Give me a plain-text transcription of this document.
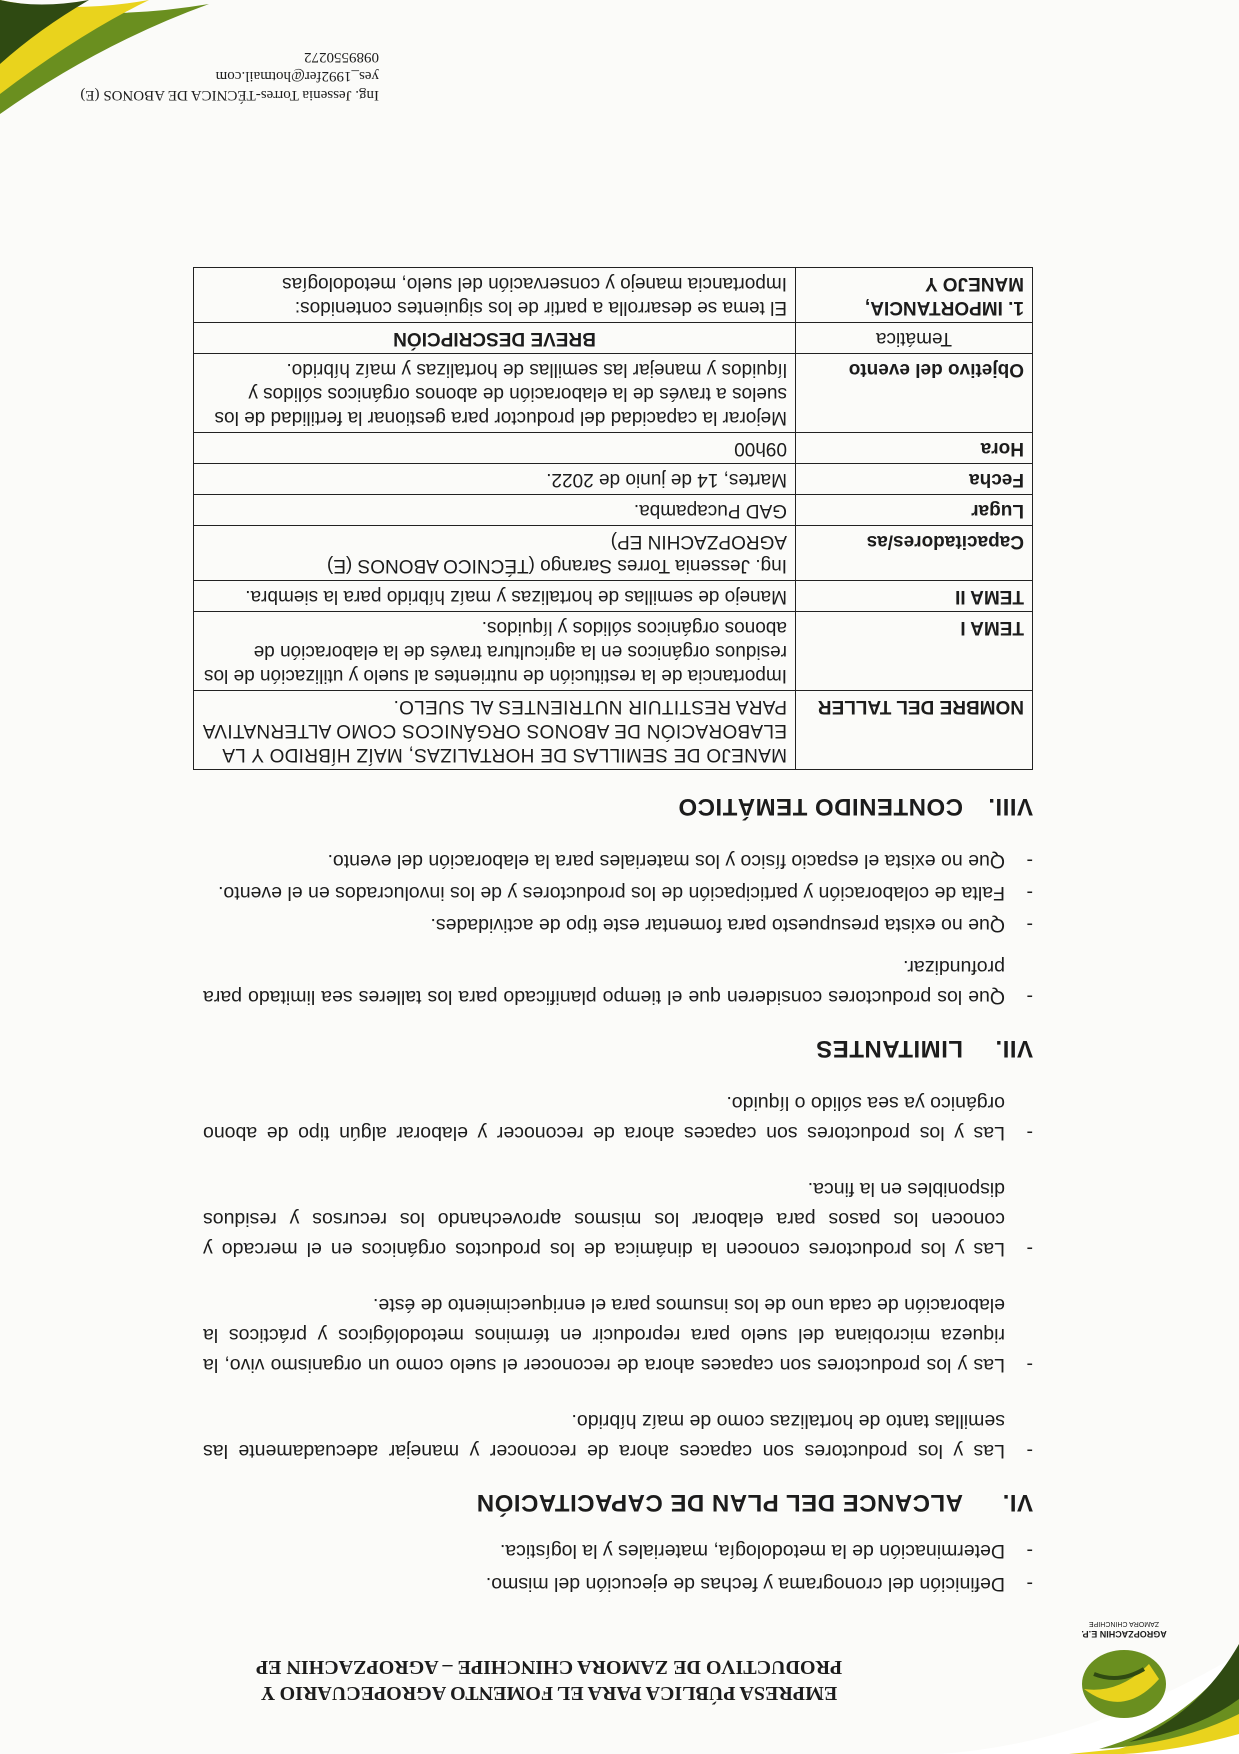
AGROPZACHIN E.P.
ZAMORA CHINCHIPE
EMPRESA PÚBLICA PARA EL FOMENTO AGROPECUARIO Y
PRODUCTIVO DE ZAMORA CHINCHIPE – AGROPZACHIN EP
- Definición del cronograma y fechas de ejecución del mismo.
- Determinación de la metodología, materiales y la logística.
VI.ALCANCE DEL PLAN DE CAPACITACIÓN
- Las y los productores son capaces ahora de reconocer y manejar adecuadamente las semillas tanto de hortalizas como de maíz híbrido.
- Las y los productores son capaces ahora de reconocer el suelo como un organismo vivo, la riqueza microbiana del suelo para reproducir en términos metodológicos y prácticos la elaboración de cada uno de los insumos para el enriquecimiento de éste.
- Las y los productores conocen la dinámica de los productos orgánicos en el mercado y conocen los pasos para elaborar los mismos aprovechando los recursos y residuos disponibles en la finca.
- Las y los productores son capaces ahora de reconocer y elaborar algún tipo de abono orgánico ya sea sólido o líquido.
VII.LIMITANTES
- Que los productores consideren que el tiempo planificado para los talleres sea limitado para profundizar.
- Que no exista presupuesto para fomentar este tipo de actividades.
- Falta de colaboración y participación de los productores y de los involucrados en el evento.
- Que no exista el espacio físico y los materiales para la elaboración del evento.
VIII.CONTENIDO TEMÁTICO
NOMBRE DEL TALLER	MANEJO DE SEMILLAS DE HORTALIZAS, MAÍZ HÍBRIDO Y LA ELABORACIÓN DE ABONOS ORGÁNICOS COMO ALTERNATIVA PARA RESTITUIR NUTRIENTES AL SUELO.
TEMA I	Importancia de la restitución de nutrientes al suelo y utilización de los residuos orgánicos en la agricultura través de la elaboración de abonos orgánicos sólidos y líquidos.
TEMA II	Manejo de semillas de hortalizas y maíz híbrido para la siembra.
Capacitadores/as	Ing. Jessenia Torres Sarango (TÉCNICO ABONOS (E) AGROPZACHIN EP)
Lugar	GAD Pucapamba.
Fecha	Martes, 14 de junio de 2022.
Hora	09h00
Objetivo del evento	Mejorar la capacidad del productor para gestionar la fertilidad de los suelos a través de la elaboración de abonos orgánicos sólidos y líquidos y manejar las semillas de hortalizas y maíz híbrido.
Temática	BREVE DESCRIPCIÓN
1. IMPORTANCIA, MANEJO Y	El tema se desarrolla a partir de los siguientes contenidos: Importancia manejo y conservación del suelo, metodologías
Ing. Jessenia Torres-TÉCNICA DE ABONOS (E)
yes_1992fer@hotmail.com
0989550272
